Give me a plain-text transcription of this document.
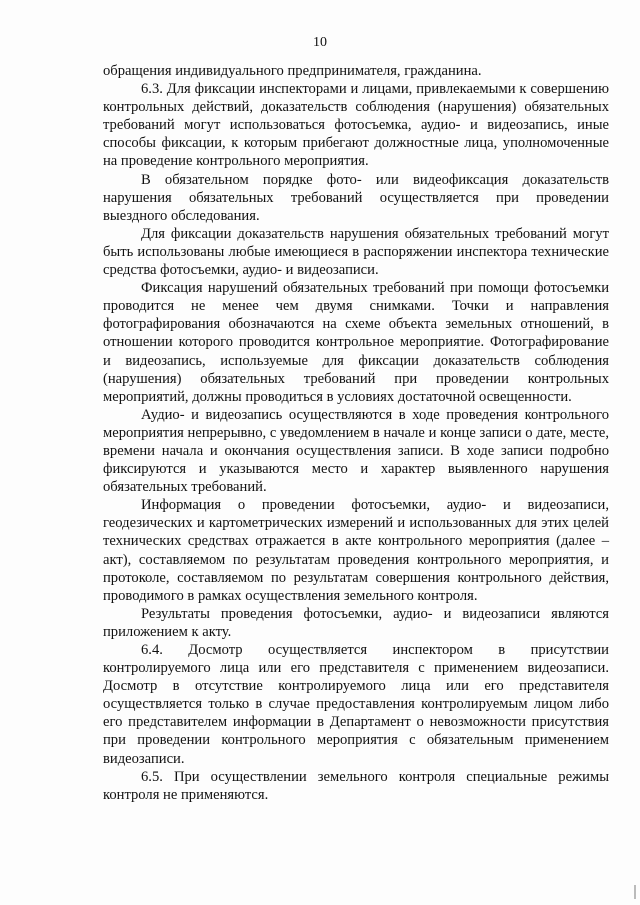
10

обращения индивидуального предпринимателя, гражданина.

6.3. Для фиксации инспекторами и лицами, привлекаемыми к совершению контрольных действий, доказательств соблюдения (нарушения) обязательных требований могут использоваться фотосъемка, аудио- и видеозапись, иные способы фиксации, к которым прибегают должностные лица, уполномоченные на проведение контрольного мероприятия.

В обязательном порядке фото- или видеофиксация доказательств нарушения обязательных требований осуществляется при проведении выездного обследования.

Для фиксации доказательств нарушения обязательных требований могут быть использованы любые имеющиеся в распоряжении инспектора технические средства фотосъемки, аудио- и видеозаписи.

Фиксация нарушений обязательных требований при помощи фотосъемки проводится не менее чем двумя снимками. Точки и направления фотографирования обозначаются на схеме объекта земельных отношений, в отношении которого проводится контрольное мероприятие. Фотографирование и видеозапись, используемые для фиксации доказательств соблюдения (нарушения) обязательных требований при проведении контрольных мероприятий, должны проводиться в условиях достаточной освещенности.

Аудио- и видеозапись осуществляются в ходе проведения контрольного мероприятия непрерывно, с уведомлением в начале и конце записи о дате, месте, времени начала и окончания осуществления записи. В ходе записи подробно фиксируются и указываются место и характер выявленного нарушения обязательных требований.

Информация о проведении фотосъемки, аудио- и видеозаписи, геодезических и картометрических измерений и использованных для этих целей технических средствах отражается в акте контрольного мероприятия (далее – акт), составляемом по результатам проведения контрольного мероприятия, и протоколе, составляемом по результатам совершения контрольного действия, проводимого в рамках осуществления земельного контроля.

Результаты проведения фотосъемки, аудио- и видеозаписи являются приложением к акту.

6.4. Досмотр осуществляется инспектором в присутствии контролируемого лица или его представителя с применением видеозаписи. Досмотр в отсутствие контролируемого лица или его представителя осуществляется только в случае предоставления контролируемым лицом либо его представителем информации в Департамент о невозможности присутствия при проведении контрольного мероприятия с обязательным применением видеозаписи.

6.5. При осуществлении земельного контроля специальные режимы контроля не применяются.
